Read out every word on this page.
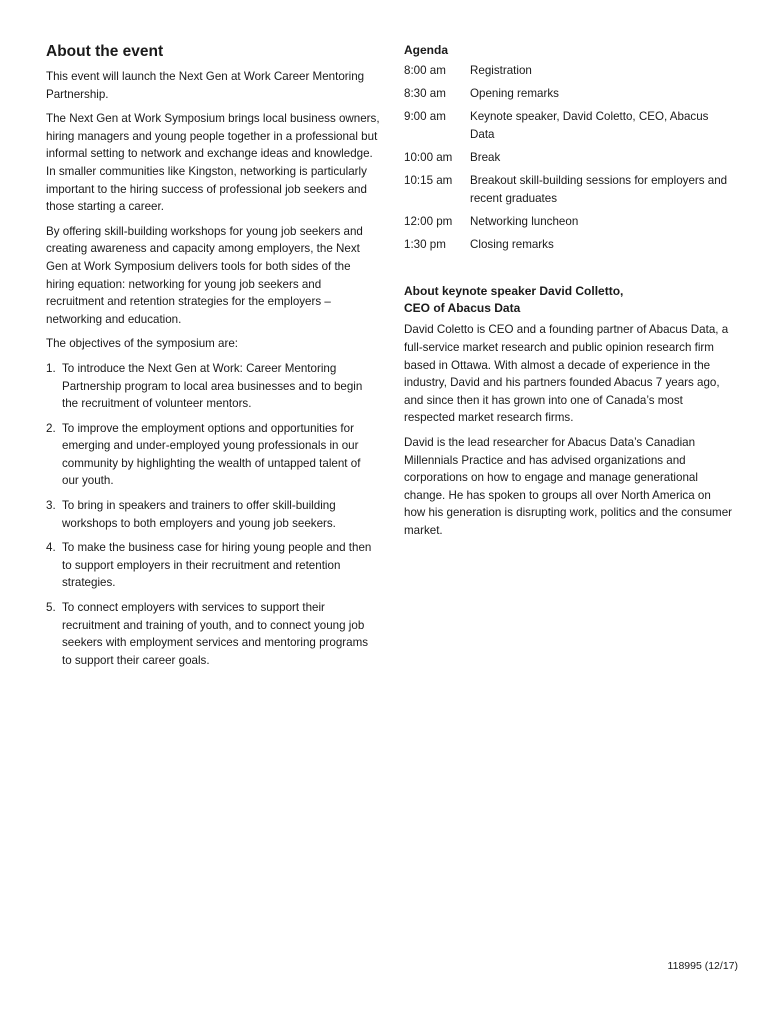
About the event

This event will launch the Next Gen at Work Career Mentoring Partnership.

The Next Gen at Work Symposium brings local business owners, hiring managers and young people together in a professional but informal setting to network and exchange ideas and knowledge. In smaller communities like Kingston, networking is particularly important to the hiring success of professional job seekers and those starting a career.

By offering skill-building workshops for young job seekers and creating awareness and capacity among employers, the Next Gen at Work Symposium delivers tools for both sides of the hiring equation: networking for young job seekers and recruitment and retention strategies for the employers – networking and education.

The objectives of the symposium are:

1. To introduce the Next Gen at Work: Career Mentoring Partnership program to local area businesses and to begin the recruitment of volunteer mentors.
2. To improve the employment options and opportunities for emerging and under-employed young professionals in our community by highlighting the wealth of untapped talent of our youth.
3. To bring in speakers and trainers to offer skill-building workshops to both employers and young job seekers.
4. To make the business case for hiring young people and then to support employers in their recruitment and retention strategies.
5. To connect employers with services to support their recruitment and training of youth, and to connect young job seekers with employment services and mentoring programs to support their career goals.
Agenda
8:00 am	Registration
8:30 am	Opening remarks
9:00 am	Keynote speaker, David Coletto, CEO, Abacus Data
10:00 am	Break
10:15 am	Breakout skill-building sessions for employers and recent graduates
12:00 pm	Networking luncheon
1:30 pm	Closing remarks
About keynote speaker David Colletto,
CEO of Abacus Data

David Coletto is CEO and a founding partner of Abacus Data, a full-service market research and public opinion research firm based in Ottawa. With almost a decade of experience in the industry, David and his partners founded Abacus 7 years ago, and since then it has grown into one of Canada’s most respected market research firms.

David is the lead researcher for Abacus Data’s Canadian Millennials Practice and has advised organizations and corporations on how to engage and manage generational change. He has spoken to groups all over North America on how his generation is disrupting work, politics and the consumer market.

118995 (12/17)
